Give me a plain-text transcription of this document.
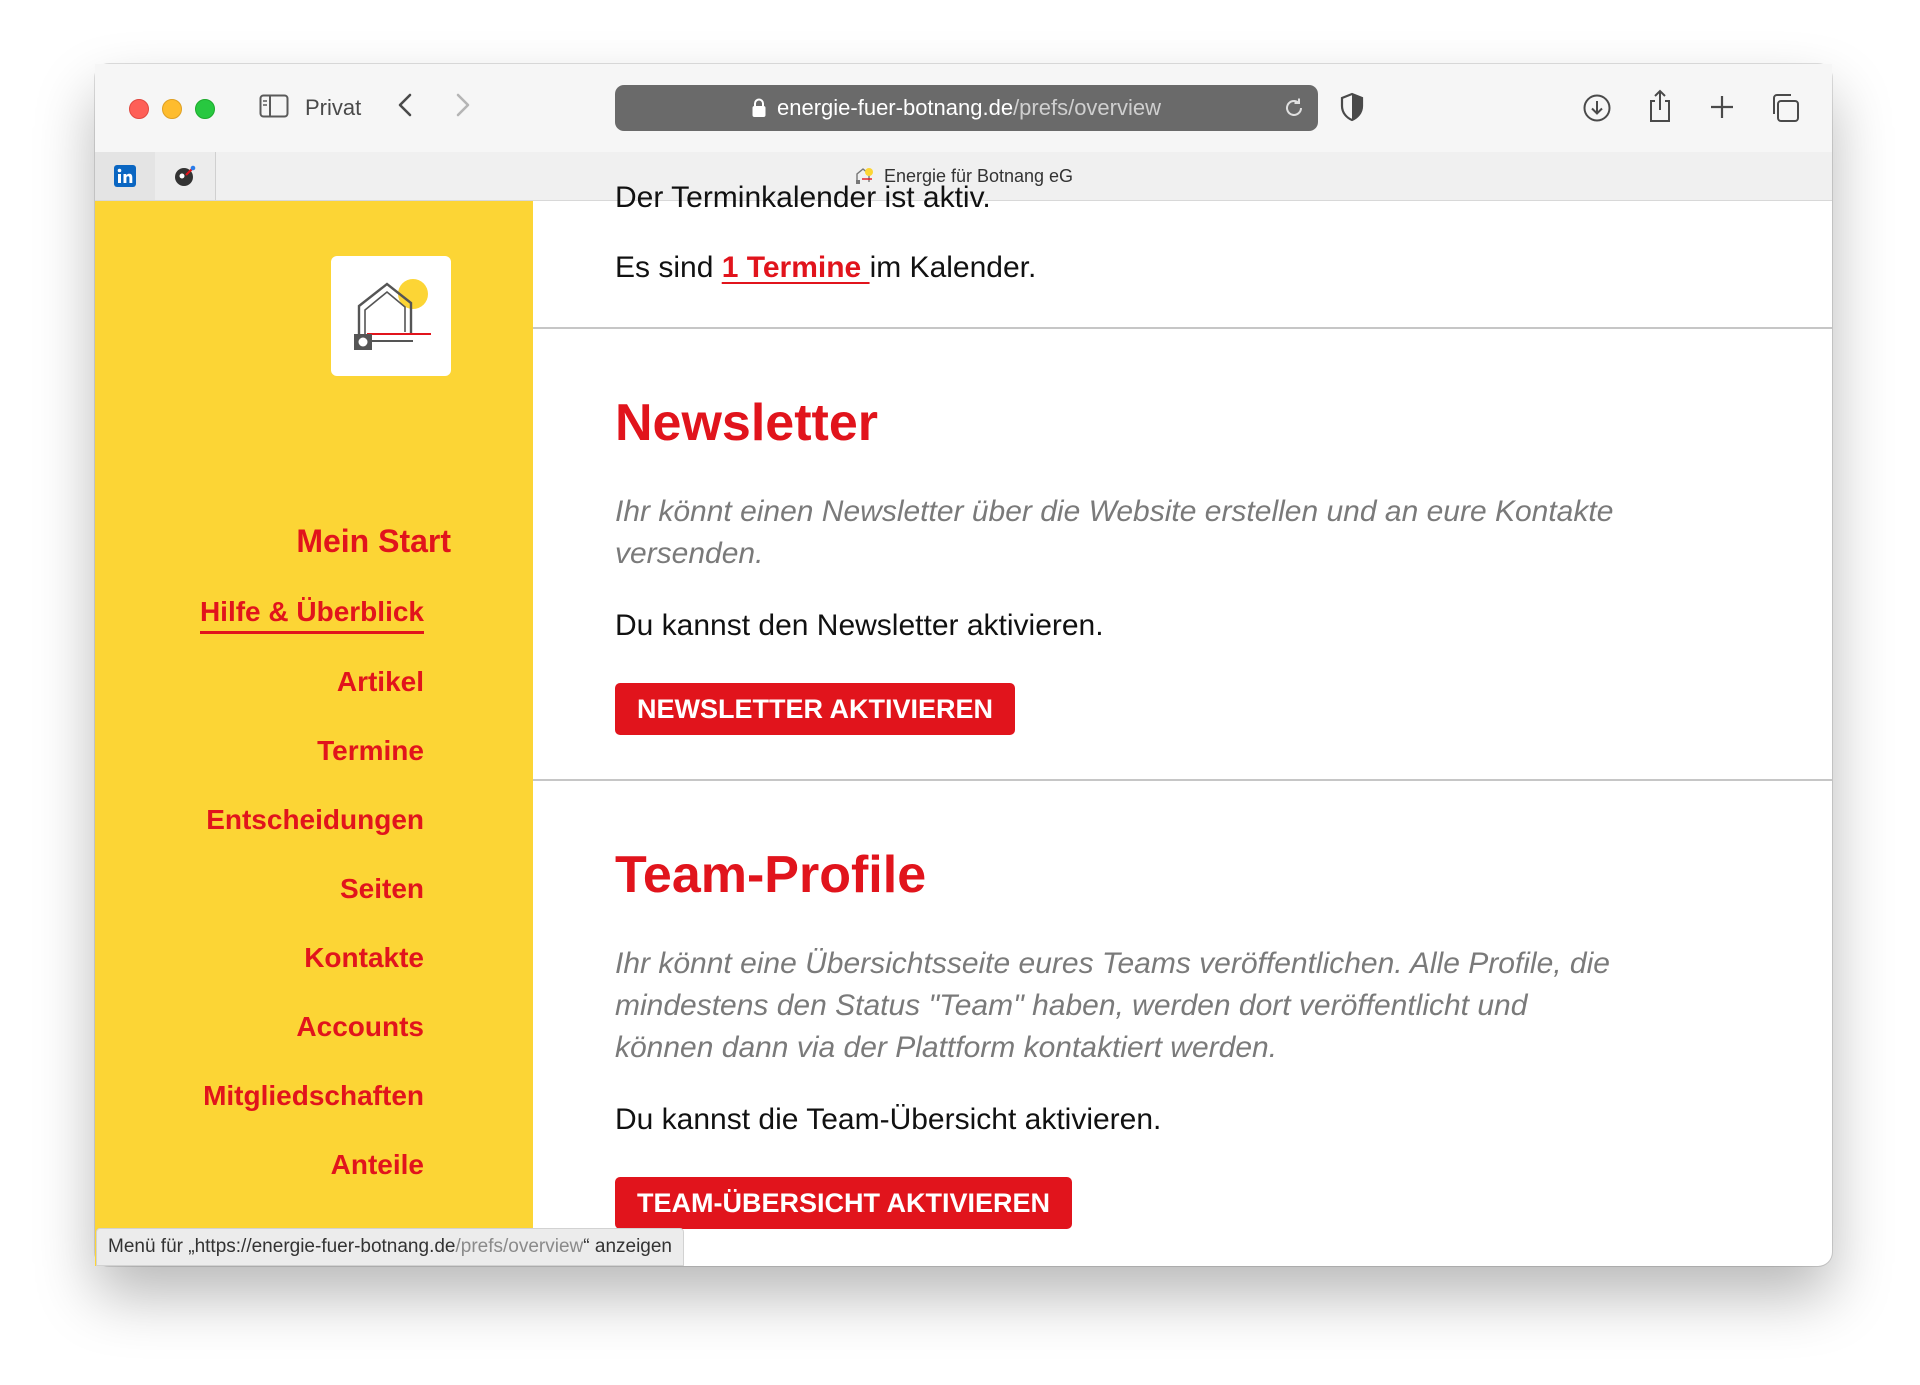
Privat	energie-fuer-botnang.de/prefs/overview
Energie für Botnang eG
Mein Start
Hilfe & Überblick
Artikel
Termine
Entscheidungen
Seiten
Kontakte
Accounts
Mitgliedschaften
Anteile
Der Terminkalender ist aktiv.
Es sind 1 Termine im Kalender.
Newsletter
Ihr könnt einen Newsletter über die Website erstellen und an eure Kontakte versenden.
Du kannst den Newsletter aktivieren.
NEWSLETTER AKTIVIEREN
Team-Profile
Ihr könnt eine Übersichtsseite eures Teams veröffentlichen. Alle Profile, die mindestens den Status "Team" haben, werden dort veröffentlicht und können dann via der Plattform kontaktiert werden.
Du kannst die Team-Übersicht aktivieren.
TEAM-ÜBERSICHT AKTIVIEREN
Menü für „https://energie-fuer-botnang.de/prefs/overview“ anzeigen
